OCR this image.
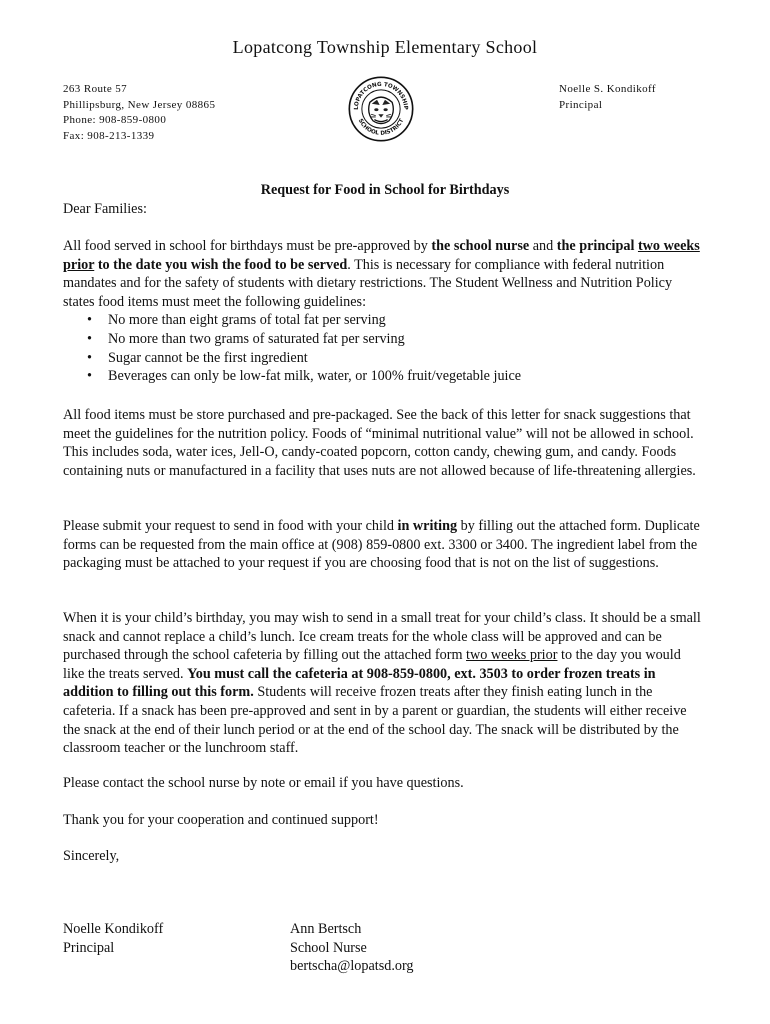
Lopatcong Township Elementary School
263 Route 57
Phillipsburg, New Jersey 08865
Phone: 908-859-0800
Fax: 908-213-1339
LOPATCONG TOWNSHIP
SCHOOL DISTRICT
Noelle S. Kondikoff
Principal
Request for Food in School for Birthdays
Dear Families:

All food served in school for birthdays must be pre-approved by the school nurse and the principal two weeks prior to the date you wish the food to be served. This is necessary for compliance with federal nutrition mandates and for the safety of students with dietary restrictions. The Student Wellness and Nutrition Policy states food items must meet the following guidelines:

• No more than eight grams of total fat per serving
• No more than two grams of saturated fat per serving
• Sugar cannot be the first ingredient
• Beverages can only be low-fat milk, water, or 100% fruit/vegetable juice

All food items must be store purchased and pre-packaged. See the back of this letter for snack suggestions that meet the guidelines for the nutrition policy. Foods of “minimal nutritional value” will not be allowed in school. This includes soda, water ices, Jell-O, candy-coated popcorn, cotton candy, chewing gum, and candy. Foods containing nuts or manufactured in a facility that uses nuts are not allowed because of life-threatening allergies.

Please submit your request to send in food with your child in writing by filling out the attached form. Duplicate forms can be requested from the main office at (908) 859-0800 ext. 3300 or 3400. The ingredient label from the packaging must be attached to your request if you are choosing food that is not on the list of suggestions.

When it is your child’s birthday, you may wish to send in a small treat for your child’s class. It should be a small snack and cannot replace a child’s lunch. Ice cream treats for the whole class will be approved and can be purchased through the school cafeteria by filling out the attached form two weeks prior to the day you would like the treats served. You must call the cafeteria at 908-859-0800, ext. 3503 to order frozen treats in addition to filling out this form. Students will receive frozen treats after they finish eating lunch in the cafeteria. If a snack has been pre-approved and sent in by a parent or guardian, the students will either receive the snack at the end of their lunch period or at the end of the school day. The snack will be distributed by the classroom teacher or the lunchroom staff.

Please contact the school nurse by note or email if you have questions.

Thank you for your cooperation and continued support!

Sincerely,

Noelle Kondikoff
Principal
Ann Bertsch
School Nurse
bertscha@lopatsd.org
